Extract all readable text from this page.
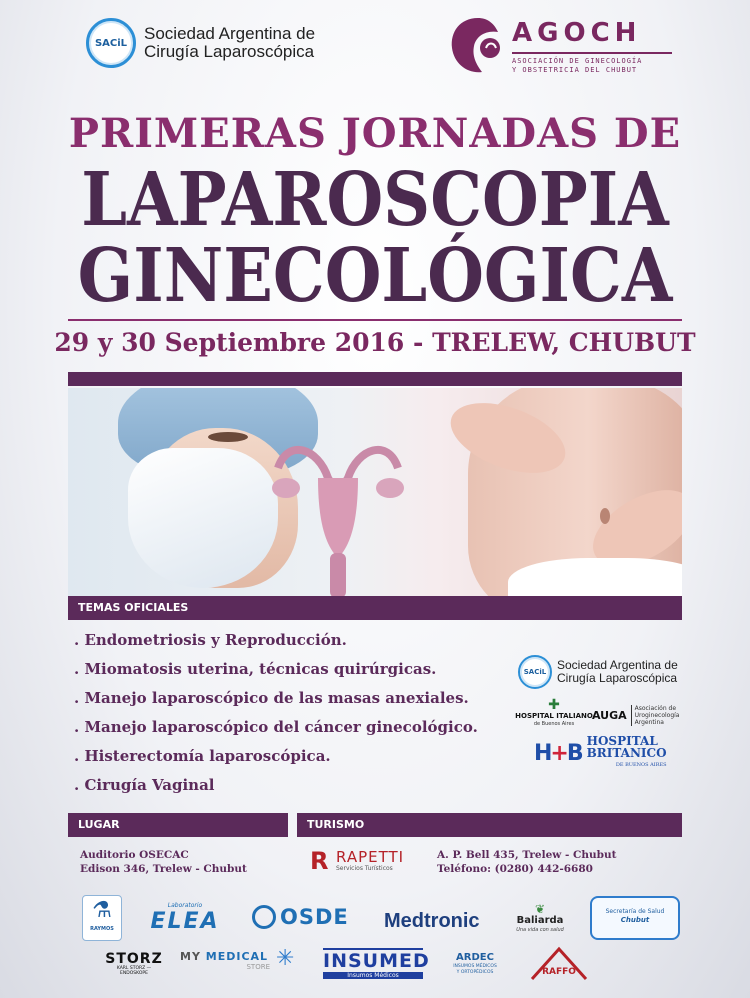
SACiL Sociedad Argentina de
Cirugía Laparoscópica
AGOCH
ASOCIACIÓN DE GINECOLOGÍA
Y OBSTETRICIA DEL CHUBUT
PRIMERAS JORNADAS DE
LAPAROSCOPIA
GINECOLÓGICA
29 y 30 Septiembre 2016 - TRELEW, CHUBUT
TEMAS OFICIALES
. Endometriosis y Reproducción.
. Miomatosis uterina, técnicas quirúrgicas.
. Manejo laparoscópico de las masas anexiales.
. Manejo laparoscópico del cáncer ginecológico.
. Histerectomía laparoscópica.
. Cirugía Vaginal
SACiL Sociedad Argentina de
Cirugía Laparoscópica
✚
HOSPITAL ITALIANO
de Buenos Aires
AUGA
Asociación de
Uroginecología
Argentina
H+B HOSPITAL
BRITANICO
DE BUENOS AIRES
LUGAR	TURISMO
Auditorio OSECAC
Edison 346, Trelew - Chubut	R RAPETTI
Servicios Turísticos
A. P. Bell 435, Trelew - Chubut
Teléfono: (0280) 442-6680
⚗
RAYMOS
Laboratorio
ELEA	OSDE Medtronic
❦
Baliarda
Una vida con salud
Secretaría de Salud
Chubut
STORZ
KARL STORZ — ENDOSKOPE
MY MEDICAL
STORE ✳ INSUMED
Insumos Médicos
ARDEC
INSUMOS MÉDICOS
Y ORTOPÉDICOS	RAFFO
